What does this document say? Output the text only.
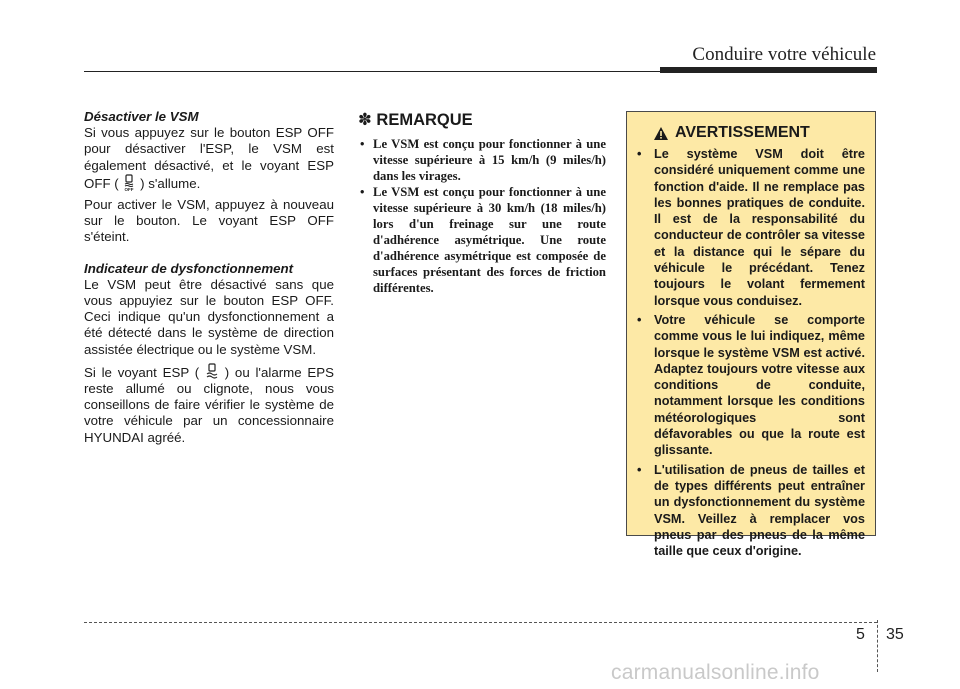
Conduire votre véhicule

Désactiver le VSM

Si vous appuyez sur le bouton ESP OFF pour désactiver l'ESP, le VSM est également désactivé, et le voyant ESP OFF ( OFF ) s'allume.

Pour activer le VSM, appuyez à nouveau sur le bouton. Le voyant ESP OFF s'éteint.

Indicateur de dysfonctionnement

Le VSM peut être désactivé sans que vous appuyiez sur le bouton ESP OFF. Ceci indique qu'un dysfonctionnement a été détecté dans le système de direction assistée électrique ou le système VSM.

Si le voyant ESP ( ) ou l'alarme EPS reste allumé ou clignote, nous vous conseillons de faire vérifier le système de votre véhicule par un concessionnaire HYUNDAI agréé.

✽ REMARQUE
• Le VSM est conçu pour fonctionner à une vitesse supérieure à 15 km/h (9 miles/h) dans les virages.
• Le VSM est conçu pour fonctionner à une vitesse supérieure à 30 km/h (18 miles/h) lors d'un freinage sur une route d'adhérence asymétrique. Une route d'adhérence asymétrique est composée de surfaces présentant des forces de friction différentes.
AVERTISSEMENT
• Le système VSM doit être considéré uniquement comme une fonction d'aide. Il ne remplace pas les bonnes pratiques de conduite. Il est de la responsabilité du conducteur de contrôler sa vitesse et la distance qui le sépare du véhicule le précédant. Tenez toujours le volant fermement lorsque vous conduisez.
• Votre véhicule se comporte comme vous le lui indiquez, même lorsque le système VSM est activé. Adaptez toujours votre vitesse aux conditions de conduite, notamment lorsque les conditions météorologiques sont défavorables ou que la route est glissante.
• L'utilisation de pneus de tailles et de types différents peut entraîner un dysfonctionnement du système VSM. Veillez à remplacer vos pneus par des pneus de la même taille que ceux d'origine.
5 35
carmanualsonline.info
